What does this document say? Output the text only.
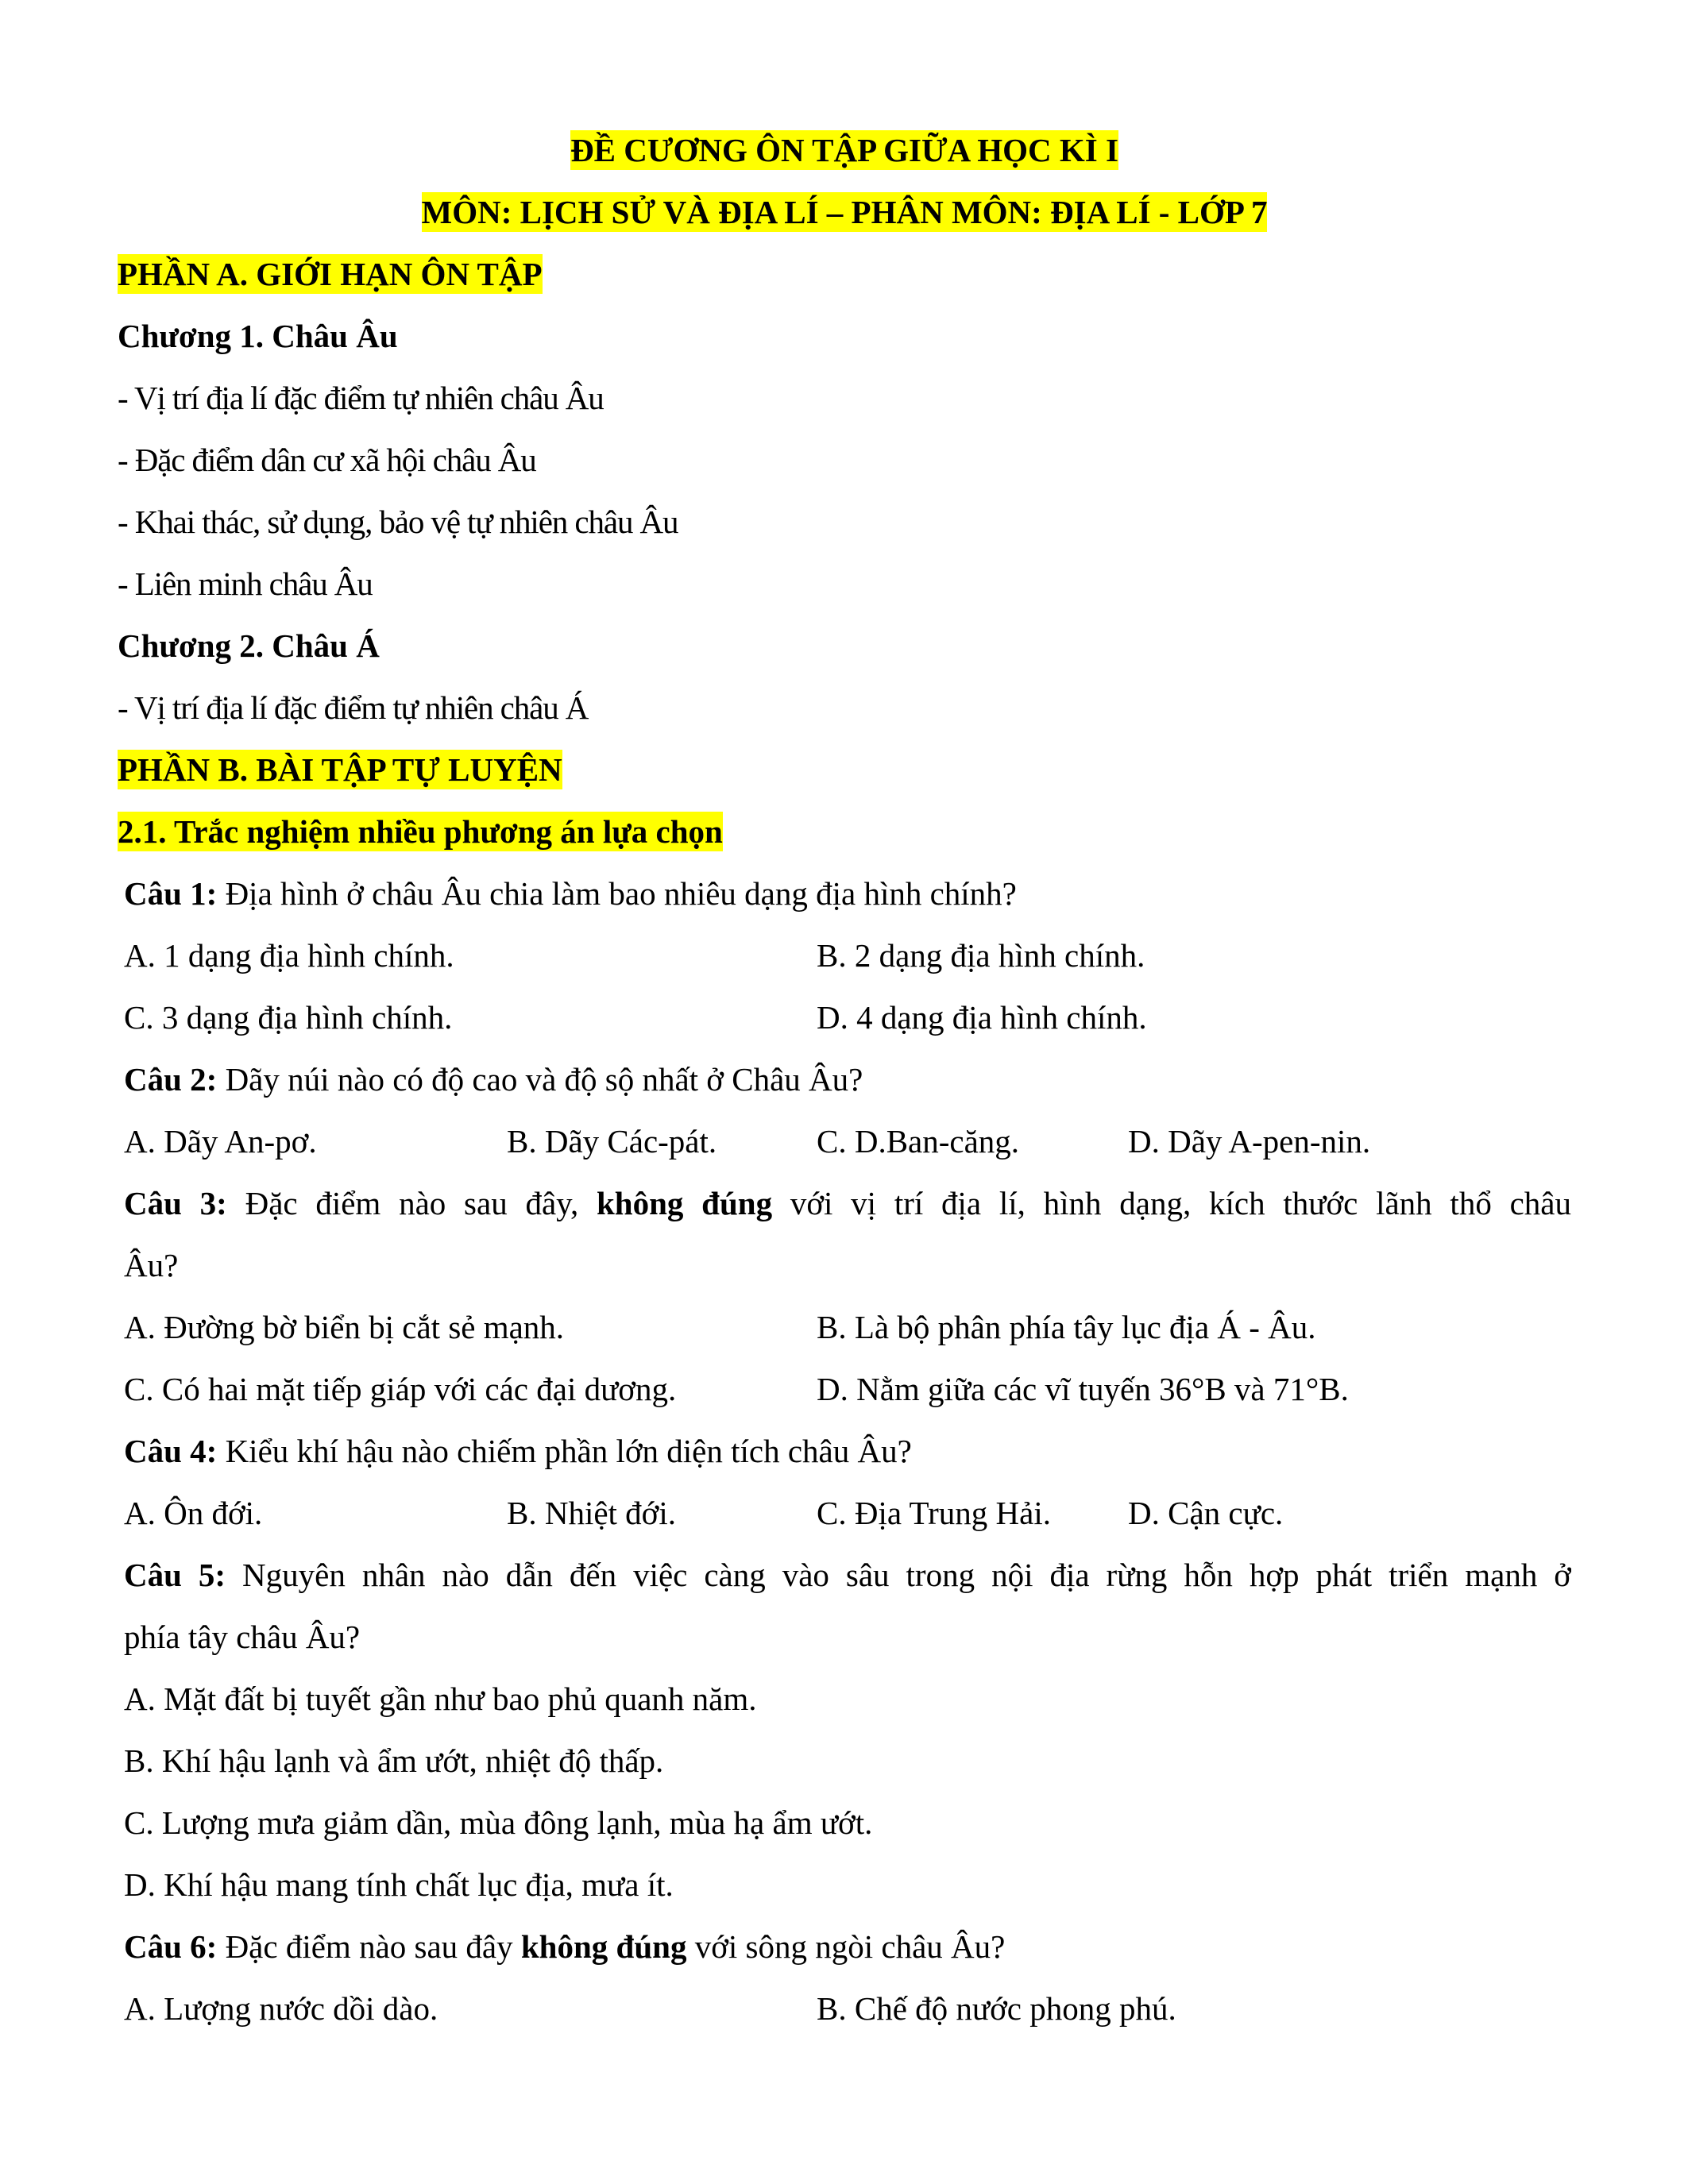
ĐỀ CƯƠNG ÔN TẬP GIỮA HỌC KÌ I
MÔN: LỊCH SỬ VÀ ĐỊA LÍ – PHÂN MÔN: ĐỊA LÍ - LỚP 7
PHẦN A. GIỚI HẠN ÔN TẬP
Chương 1. Châu Âu
- Vị trí địa lí đặc điểm tự nhiên châu Âu
- Đặc điểm dân cư xã hội châu Âu
- Khai thác, sử dụng, bảo vệ tự nhiên châu Âu
- Liên minh châu Âu
Chương 2. Châu Á
- Vị trí địa lí đặc điểm tự nhiên châu Á
PHẦN B. BÀI TẬP TỰ LUYỆN
2.1. Trắc nghiệm nhiều phương án lựa chọn
Câu 1: Địa hình ở châu Âu chia làm bao nhiêu dạng địa hình chính?
A. 1 dạng địa hình chính.	B. 2 dạng địa hình chính.
C. 3 dạng địa hình chính.	D. 4 dạng địa hình chính.
Câu 2: Dãy núi nào có độ cao và độ sộ nhất ở Châu Âu?
A. Dãy An-pơ.	B. Dãy Các-pát.	C. D.Ban-căng.	D. Dãy A-pen-nin.
Câu 3: Đặc điểm nào sau đây, không đúng với vị trí địa lí, hình dạng, kích thước lãnh thổ châu
Âu?
A. Đường bờ biển bị cắt sẻ mạnh.	B. Là bộ phân phía tây lục địa Á - Âu.
C. Có hai mặt tiếp giáp với các đại dương.	D. Nằm giữa các vĩ tuyến 36°B và 71°B.
Câu 4: Kiểu khí hậu nào chiếm phần lớn diện tích châu Âu?
A. Ôn đới.	B. Nhiệt đới.	C. Địa Trung Hải.	D. Cận cực.
Câu 5: Nguyên nhân nào dẫn đến việc càng vào sâu trong nội địa rừng hỗn hợp phát triển mạnh ở
phía tây châu Âu?
A. Mặt đất bị tuyết gần như bao phủ quanh năm.
B. Khí hậu lạnh và ẩm ướt, nhiệt độ thấp.
C. Lượng mưa giảm dần, mùa đông lạnh, mùa hạ ẩm ướt.
D. Khí hậu mang tính chất lục địa, mưa ít.
Câu 6: Đặc điểm nào sau đây không đúng với sông ngòi châu Âu?
A. Lượng nước dồi dào.	B. Chế độ nước phong phú.
